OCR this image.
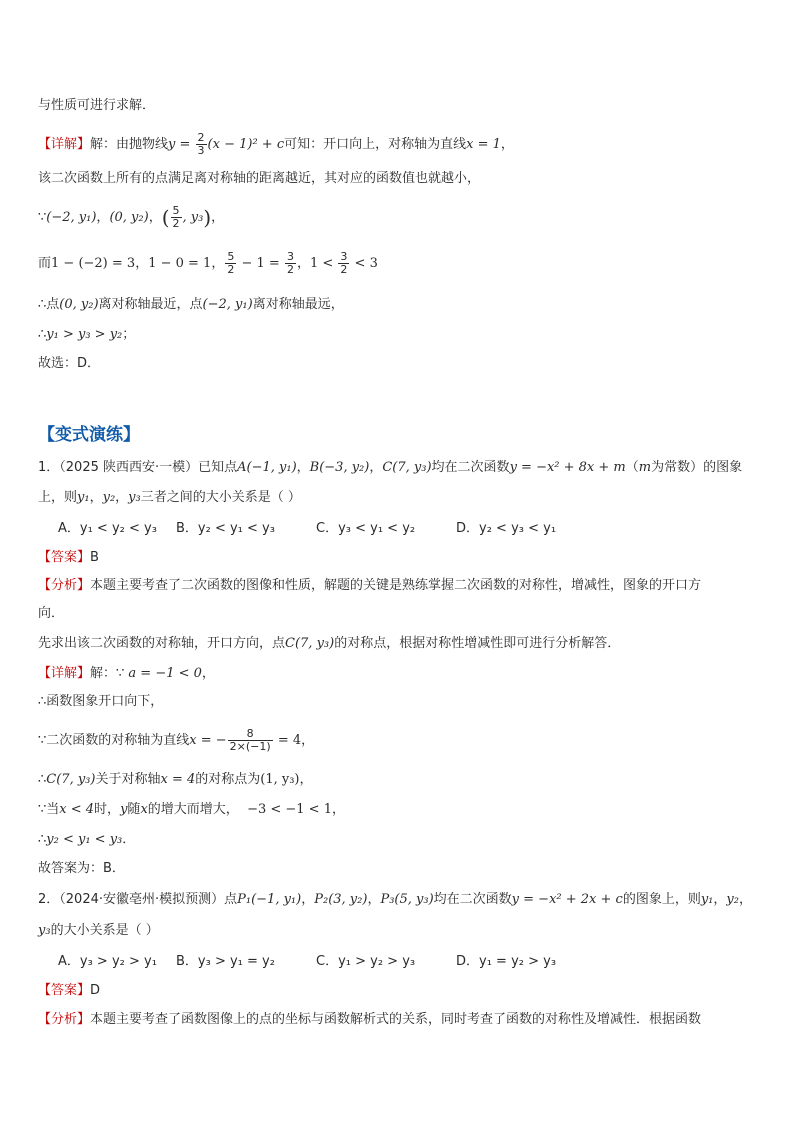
与性质可进行求解．
【详解】解：由抛物线$y = \frac{2}{3} (x - 1)^2 + c$可知：开口向上，对称轴为直线x = 1，
该二次函数上所有的点满足离对称轴的距离越近，其对应的函数值也就越小，
∵(−2, y₁)，(0, y₂)，( $\frac{5}{2}$ , y₃)，
而1 − (−2) = 3，1 − 0 = 1， $\frac{5}{2} - 1 = \frac{3}{2}$ ，$1 < \frac{3}{2} < 3$
∴点(0, y₂)离对称轴最近，点(−2, y₁)离对称轴最远，
∴y₁ > y₃ > y₂；
故选：D．
【变式演练】
1．（2025 陕西西安·一模）已知点A(−1, y₁)，B(−3, y₂)，C(7, y₃)均在二次函数y = −x² + 8x + m（m为常数）的图象
上，则y₁，y₂，y₃三者之间的大小关系是（ ）
A．y₁ < y₂ < y₃ B．y₂ < y₁ < y₃	C．y₃ < y₁ < y₂	D．y₂ < y₃ < y₁
【答案】B
【分析】本题主要考查了二次函数的图像和性质，解题的关键是熟练掌握二次函数的对称性，增减性，图象的开口方
向．
先求出该二次函数的对称轴，开口方向，点C(7, y₃)的对称点，根据对称性增减性即可进行分析解答．
【详解】解：∵ a = −1 < 0，
∴函数图象开口向下，
∵二次函数的对称轴为直线x = − $\frac{8}{2\times(-1)} = 4$，
∴C(7, y₃)关于对称轴x = 4的对称点为(1, y₃)，
∵当x < 4时，y随x的增大而增大， −3 < −1 < 1，
∴y₂ < y₁ < y₃．
故答案为：B．
2．（2024·安徽亳州·模拟预测）点P₁(−1, y₁)，P₂(3, y₂)，P₃(5, y₃)均在二次函数y = −x² + 2x + c的图象上，则y₁，y₂，
y₃的大小关系是（ ）
A．y₃ > y₂ > y₁ B．y₃ > y₁ = y₂	C．y₁ > y₂ > y₃	D．y₁ = y₂ > y₃
【答案】D
【分析】本题主要考查了函数图像上的点的坐标与函数解析式的关系，同时考查了函数的对称性及增减性．根据函数
